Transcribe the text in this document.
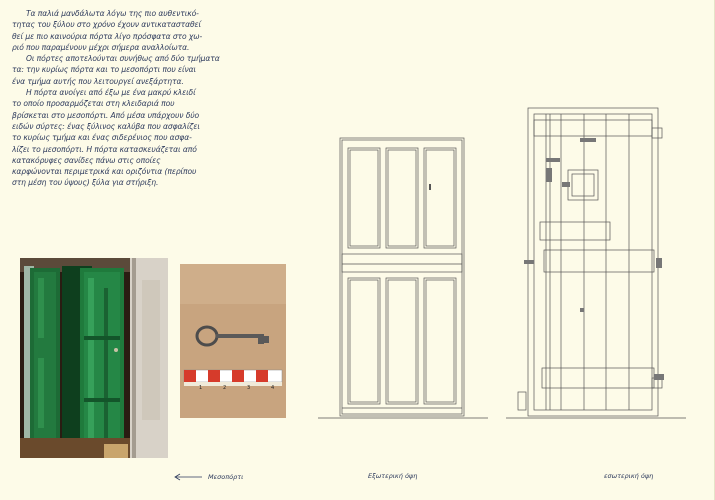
Τα παλιά μανδάλωτα λόγω της πιο αυθεντικό-
τητας του ξύλου στο χρόνο έχουν αντικατασταθεί
θεί με πιο καινούρια πόρτα λίγο πρόσφατα στο χω-
ριό που παραμένουν μέχρι σήμερα αναλλοίωτα.
Οι πόρτες αποτελούνται συνήθως από δύο τμήματα
τα: την κυρίως πόρτα και το μεσοπόρτι που είναι
ένα τμήμα αυτής που λειτουργεί ανεξάρτητα.
Η πόρτα ανοίγει από έξω με ένα μακρύ κλειδί
το οποίο προσαρμόζεται στη κλειδαριά που
βρίσκεται στο μεσοπόρτι. Από μέσα υπάρχουν δύο
ειδών σύρτες: ένας ξύλινος καλύβα που ασφαλίζει
το κυρίως τμήμα και ένας σιδερένιος που ασφα-
λίζει το μεσοπόρτι. Η πόρτα κατασκευάζεται από
κατακόρυφες σανίδες πάνω στις οποίες
καρφώνονται περιμετρικά και οριζόντια (περίπου
στη μέση του ύψους) ξύλα για στήριξη.
1	2	3	4
Μεσοπόρτι	Εξωτερική όψη	εσωτερική όψη
